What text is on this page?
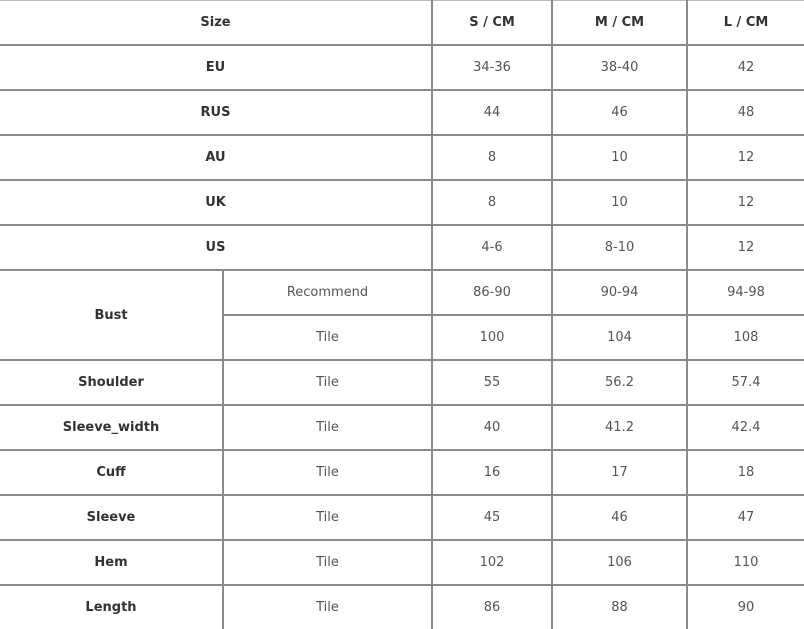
Size		S / CM	M / CM	L / CM
EU		34-36	38-40	42
RUS		44	46	48
AU		8	10	12
UK		8	10	12
US		4-6	8-10	12
Bust	Recommend	86-90	90-94	94-98
	Tile	100	104	108
Shoulder	Tile	55	56.2	57.4
Sleeve_width	Tile	40	41.2	42.4
Cuff	Tile	16	17	18
Sleeve	Tile	45	46	47
Hem	Tile	102	106	110
Length	Tile	86	88	90
